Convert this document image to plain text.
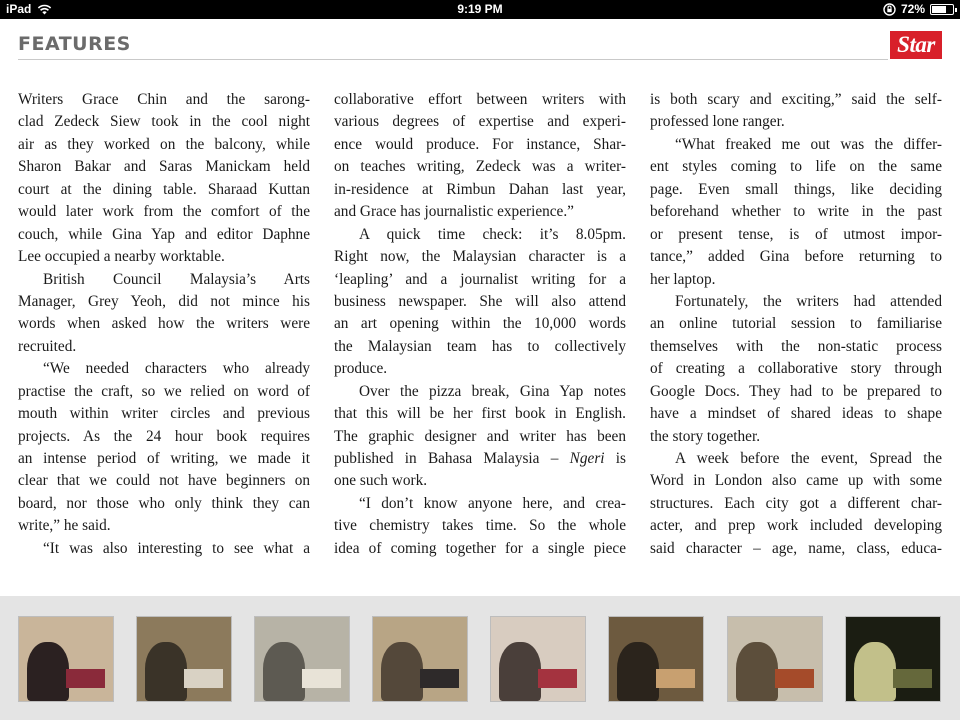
iPad	9:19 PM	72%
FEATURES	Star
Writers Grace Chin and the sarong-
clad Zedeck Siew took in the cool night
air as they worked on the balcony, while
Sharon Bakar and Saras Manickam held
court at the dining table. Sharaad Kuttan
would later work from the comfort of the
couch, while Gina Yap and editor Daphne
Lee occupied a nearby worktable.
British Council Malaysia’s Arts
Manager, Grey Yeoh, did not mince his
words when asked how the writers were
recruited.
“We needed characters who already
practise the craft, so we relied on word of
mouth within writer circles and previous
projects. As the 24 hour book requires
an intense period of writing, we made it
clear that we could not have beginners on
board, nor those who only think they can
write,” he said.
“It was also interesting to see what a
collaborative effort between writers with
various degrees of expertise and experi-
ence would produce. For instance, Shar-
on teaches writing, Zedeck was a writer-
in-residence at Rimbun Dahan last year,
and Grace has journalistic experience.”
A quick time check: it’s 8.05pm.
Right now, the Malaysian character is a
‘leapling’ and a journalist writing for a
business newspaper. She will also attend
an art opening within the 10,000 words
the Malaysian team has to collectively
produce.
Over the pizza break, Gina Yap notes
that this will be her first book in English.
The graphic designer and writer has been
published in Bahasa Malaysia – Ngeri is
one such work.
“I don’t know anyone here, and crea-
tive chemistry takes time. So the whole
idea of coming together for a single piece
is both scary and exciting,” said the self-
professed lone ranger.
“What freaked me out was the differ-
ent styles coming to life on the same
page. Even small things, like deciding
beforehand whether to write in the past
or present tense, is of utmost impor-
tance,” added Gina before returning to
her laptop.
Fortunately, the writers had attended
an online tutorial session to familiarise
themselves with the non-static process
of creating a collaborative story through
Google Docs. They had to be prepared to
have a mindset of shared ideas to shape
the story together.
A week before the event, Spread the
Word in London also came up with some
structures. Each city got a different char-
acter, and prep work included developing
said character – age, name, class, educa-
